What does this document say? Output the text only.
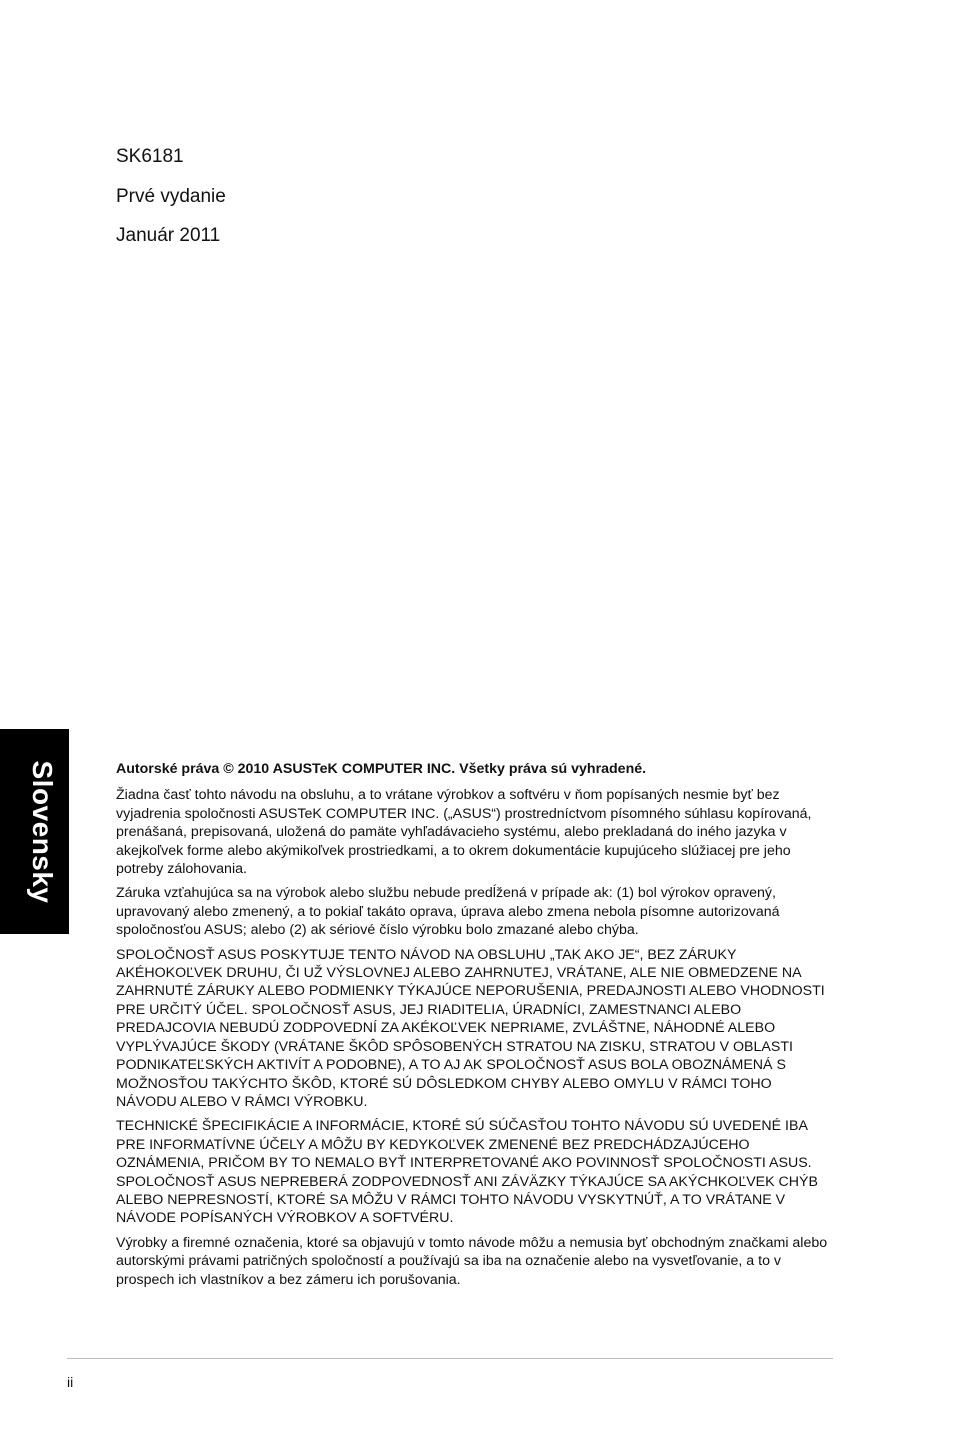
SK6181
Prvé vydanie
Január 2011
Slovensky	Autorské práva © 2010 ASUSTeK COMPUTER INC. Všetky práva sú vyhradené.

Žiadna časť tohto návodu na obsluhu, a to vrátane výrobkov a softvéru v ňom popísaných nesmie byť bez vyjadrenia spoločnosti ASUSTeK COMPUTER INC. („ASUS“) prostredníctvom písomného súhlasu kopírovaná, prenášaná, prepisovaná, uložená do pamäte vyhľadávacieho systému, alebo prekladaná do iného jazyka v akejkoľvek forme alebo akýmikoľvek prostriedkami, a to okrem dokumentácie kupujúceho slúžiacej pre jeho potreby zálohovania.

Záruka vzťahujúca sa na výrobok alebo službu nebude predĺžená v prípade ak: (1) bol výrokov opravený, upravovaný alebo zmenený, a to pokiaľ takáto oprava, úprava alebo zmena nebola písomne autorizovaná spoločnosťou ASUS; alebo (2) ak sériové číslo výrobku bolo zmazané alebo chýba.

SPOLOČNOSŤ ASUS POSKYTUJE TENTO NÁVOD NA OBSLUHU „TAK AKO JE“, BEZ ZÁRUKY AKÉHOKOĽVEK DRUHU, ČI UŽ VÝSLOVNEJ ALEBO ZAHRNUTEJ, VRÁTANE, ALE NIE OBMEDZENE NA ZAHRNUTÉ ZÁRUKY ALEBO PODMIENKY TÝKAJÚCE NEPORUŠENIA, PREDAJNOSTI ALEBO VHODNOSTI PRE URČITÝ ÚČEL. SPOLOČNOSŤ ASUS, JEJ RIADITELIA, ÚRADNÍCI, ZAMESTNANCI ALEBO PREDAJCOVIA NEBUDÚ ZODPOVEDNÍ ZA AKÉKOĽVEK NEPRIAME, ZVLÁŠTNE, NÁHODNÉ ALEBO VYPLÝVAJÚCE ŠKODY (VRÁTANE ŠKÔD SPÔSOBENÝCH STRATOU NA ZISKU, STRATOU V OBLASTI PODNIKATEĽSKÝCH AKTIVÍT A PODOBNE), A TO AJ AK SPOLOČNOSŤ ASUS BOLA OBOZNÁMENÁ S MOŽNOSŤOU TAKÝCHTO ŠKÔD, KTORÉ SÚ DÔSLEDKOM CHYBY ALEBO OMYLU V RÁMCI TOHO NÁVODU ALEBO V RÁMCI VÝROBKU.

TECHNICKÉ ŠPECIFIKÁCIE A INFORMÁCIE, KTORÉ SÚ SÚČASŤOU TOHTO NÁVODU SÚ UVEDENÉ IBA PRE INFORMATÍVNE ÚČELY A MÔŽU BY KEDYKOĽVEK ZMENENÉ BEZ PREDCHÁDZAJÚCEHO OZNÁMENIA, PRIČOM BY TO NEMALO BYŤ INTERPRETOVANÉ AKO POVINNOSŤ SPOLOČNOSTI ASUS. SPOLOČNOSŤ ASUS NEPREBERÁ ZODPOVEDNOSŤ ANI ZÁVÄZKY TÝKAJÚCE SA AKÝCHKOĽVEK CHÝB ALEBO NEPRESNOSTÍ, KTORÉ SA MÔŽU V RÁMCI TOHTO NÁVODU VYSKYTNÚŤ, A TO VRÁTANE V NÁVODE POPÍSANÝCH VÝROBKOV A SOFTVÉRU.

Výrobky a firemné označenia, ktoré sa objavujú v tomto návode môžu a nemusia byť obchodným značkami alebo autorskými právami patričných spoločností a používajú sa iba na označenie alebo na vysvetľovanie, a to v prospech ich vlastníkov a bez zámeru ich porušovania.

ii
